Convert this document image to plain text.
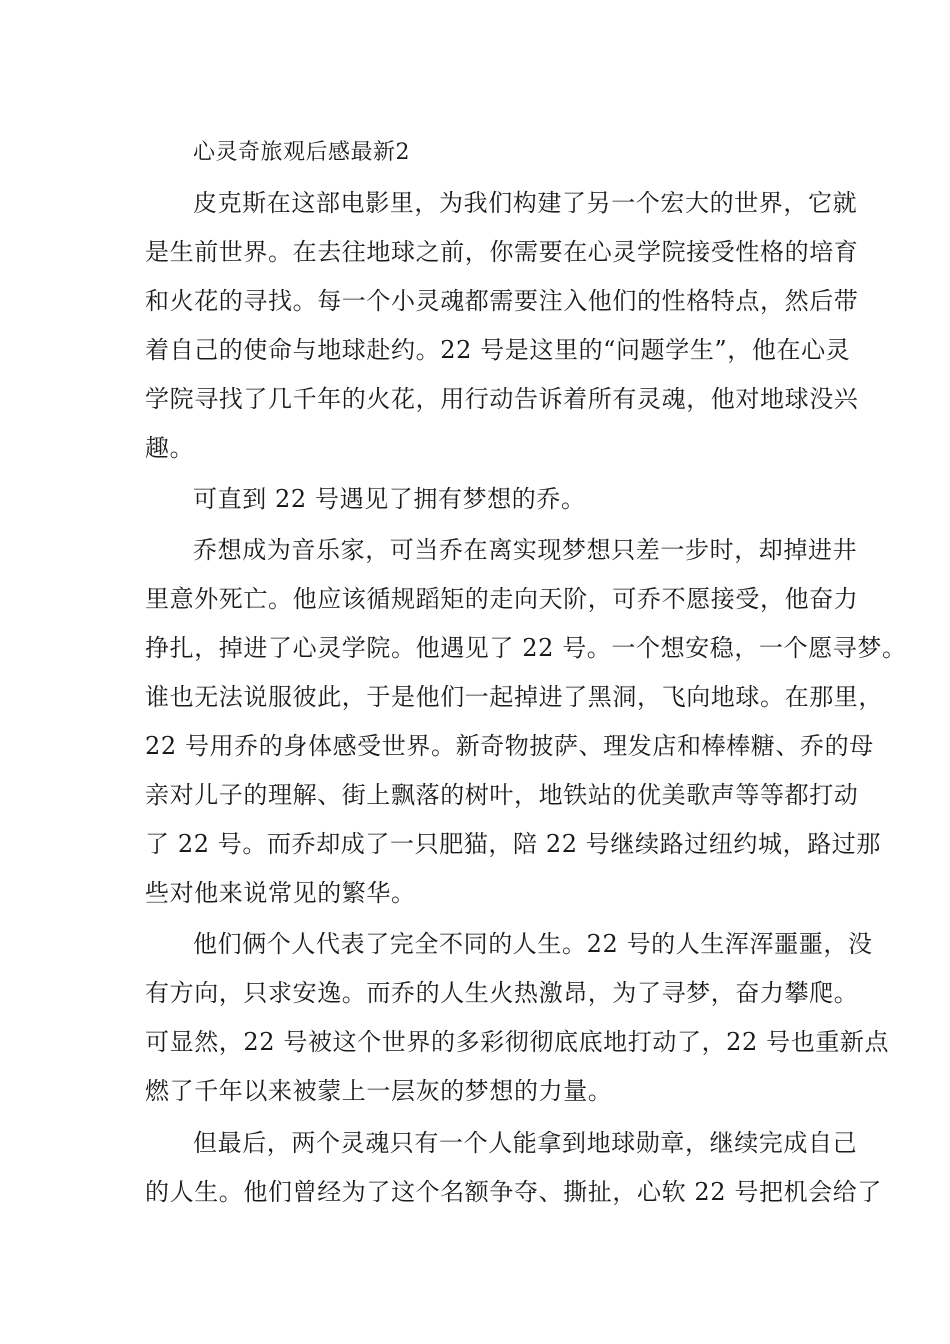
心灵奇旅观后感最新2
皮克斯在这部电影里，为我们构建了另一个宏大的世界，它就
是生前世界。在去往地球之前，你需要在心灵学院接受性格的培育
和火花的寻找。每一个小灵魂都需要注入他们的性格特点，然后带
着自己的使命与地球赴约。22 号是这里的“问题学生”，他在心灵
学院寻找了几千年的火花，用行动告诉着所有灵魂，他对地球没兴
趣。
可直到 22 号遇见了拥有梦想的乔。
乔想成为音乐家，可当乔在离实现梦想只差一步时，却掉进井
里意外死亡。他应该循规蹈矩的走向天阶，可乔不愿接受，他奋力
挣扎，掉进了心灵学院。他遇见了 22 号。一个想安稳，一个愿寻梦。
谁也无法说服彼此，于是他们一起掉进了黑洞，飞向地球。在那里，
22 号用乔的身体感受世界。新奇物披萨、理发店和棒棒糖、乔的母
亲对儿子的理解、街上飘落的树叶，地铁站的优美歌声等等都打动
了 22 号。而乔却成了一只肥猫，陪 22 号继续路过纽约城，路过那
些对他来说常见的繁华。
他们俩个人代表了完全不同的人生。22 号的人生浑浑噩噩，没
有方向，只求安逸。而乔的人生火热激昂，为了寻梦，奋力攀爬。
可显然，22 号被这个世界的多彩彻彻底底地打动了，22 号也重新点
燃了千年以来被蒙上一层灰的梦想的力量。
但最后，两个灵魂只有一个人能拿到地球勋章，继续完成自己
的人生。他们曾经为了这个名额争夺、撕扯，心软 22 号把机会给了
